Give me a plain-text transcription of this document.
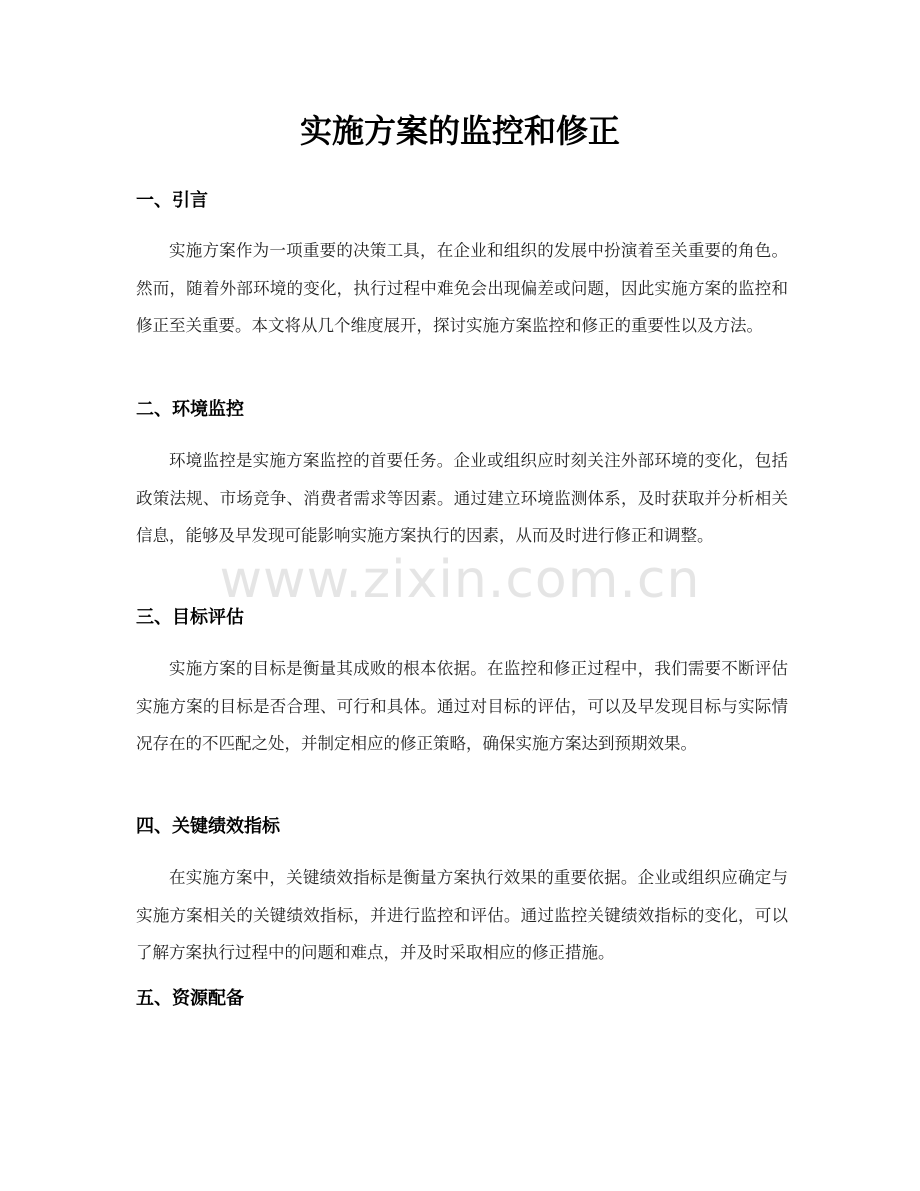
实施方案的监控和修正
一、引言

实施方案作为一项重要的决策工具，在企业和组织的发展中扮演着至关重要的角色。然而，随着外部环境的变化，执行过程中难免会出现偏差或问题，因此实施方案的监控和修正至关重要。本文将从几个维度展开，探讨实施方案监控和修正的重要性以及方法。

二、环境监控

环境监控是实施方案监控的首要任务。企业或组织应时刻关注外部环境的变化，包括政策法规、市场竞争、消费者需求等因素。通过建立环境监测体系，及时获取并分析相关信息，能够及早发现可能影响实施方案执行的因素，从而及时进行修正和调整。

三、目标评估

实施方案的目标是衡量其成败的根本依据。在监控和修正过程中，我们需要不断评估实施方案的目标是否合理、可行和具体。通过对目标的评估，可以及早发现目标与实际情况存在的不匹配之处，并制定相应的修正策略，确保实施方案达到预期效果。

四、关键绩效指标

在实施方案中，关键绩效指标是衡量方案执行效果的重要依据。企业或组织应确定与实施方案相关的关键绩效指标，并进行监控和评估。通过监控关键绩效指标的变化，可以了解方案执行过程中的问题和难点，并及时采取相应的修正措施。

五、资源配备
www.zixin.com.cn
